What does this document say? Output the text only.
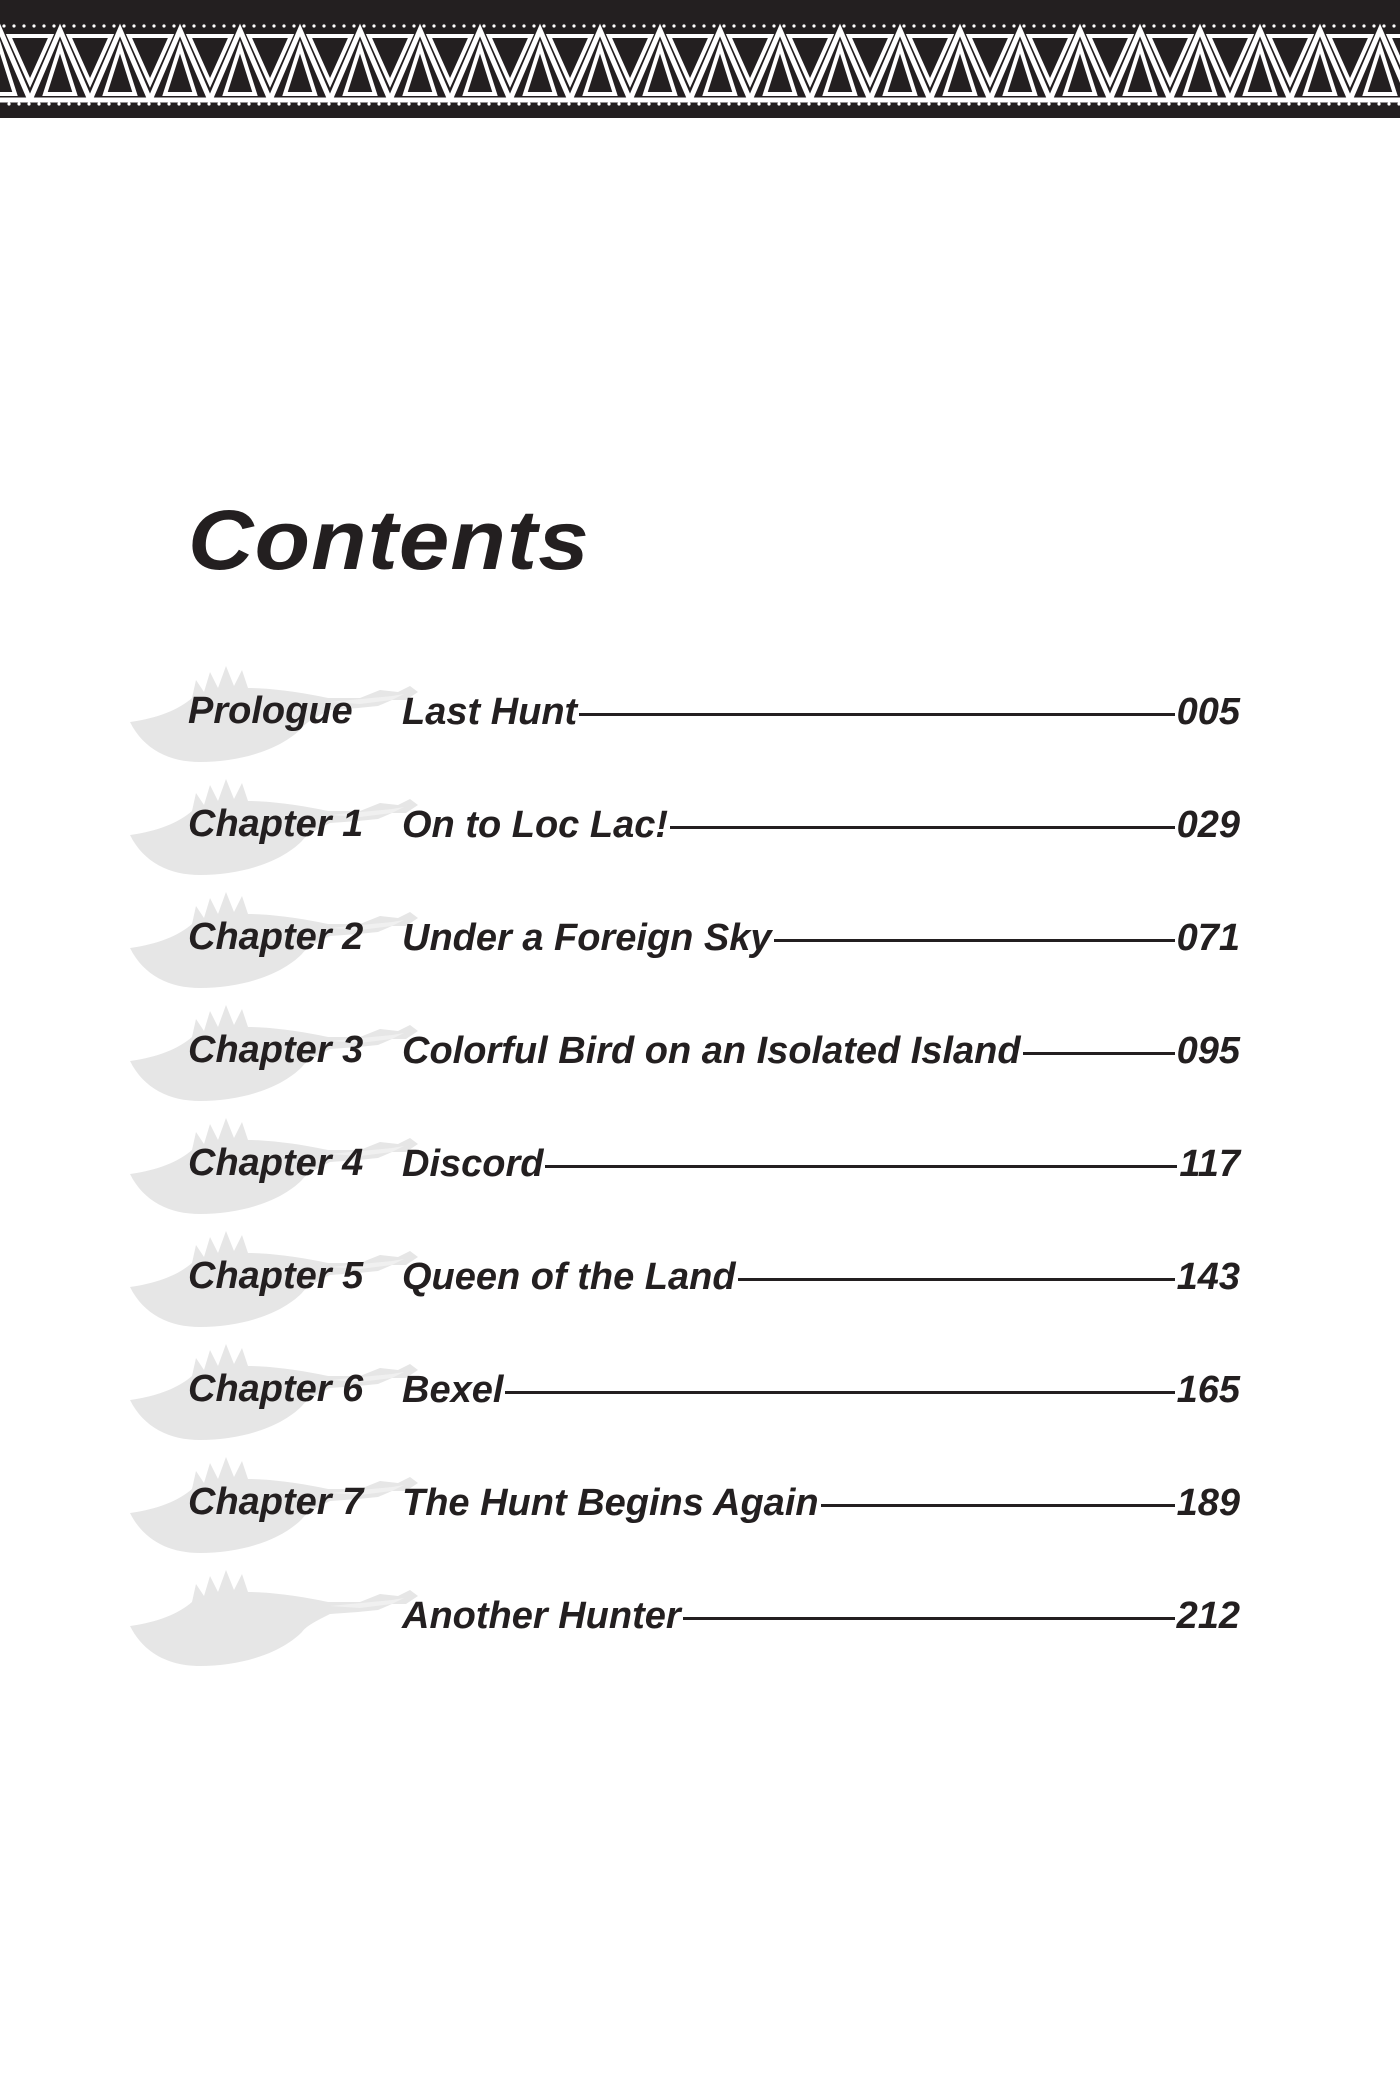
Contents
Prologue Last Hunt	005
Chapter 1 On to Loc Lac!	029
Chapter 2 Under a Foreign Sky	071
Chapter 3 Colorful Bird on an Isolated Island	095
Chapter 4 Discord	117
Chapter 5 Queen of the Land	143
Chapter 6 Bexel	165
Chapter 7 The Hunt Begins Again	189
Another Hunter	212
